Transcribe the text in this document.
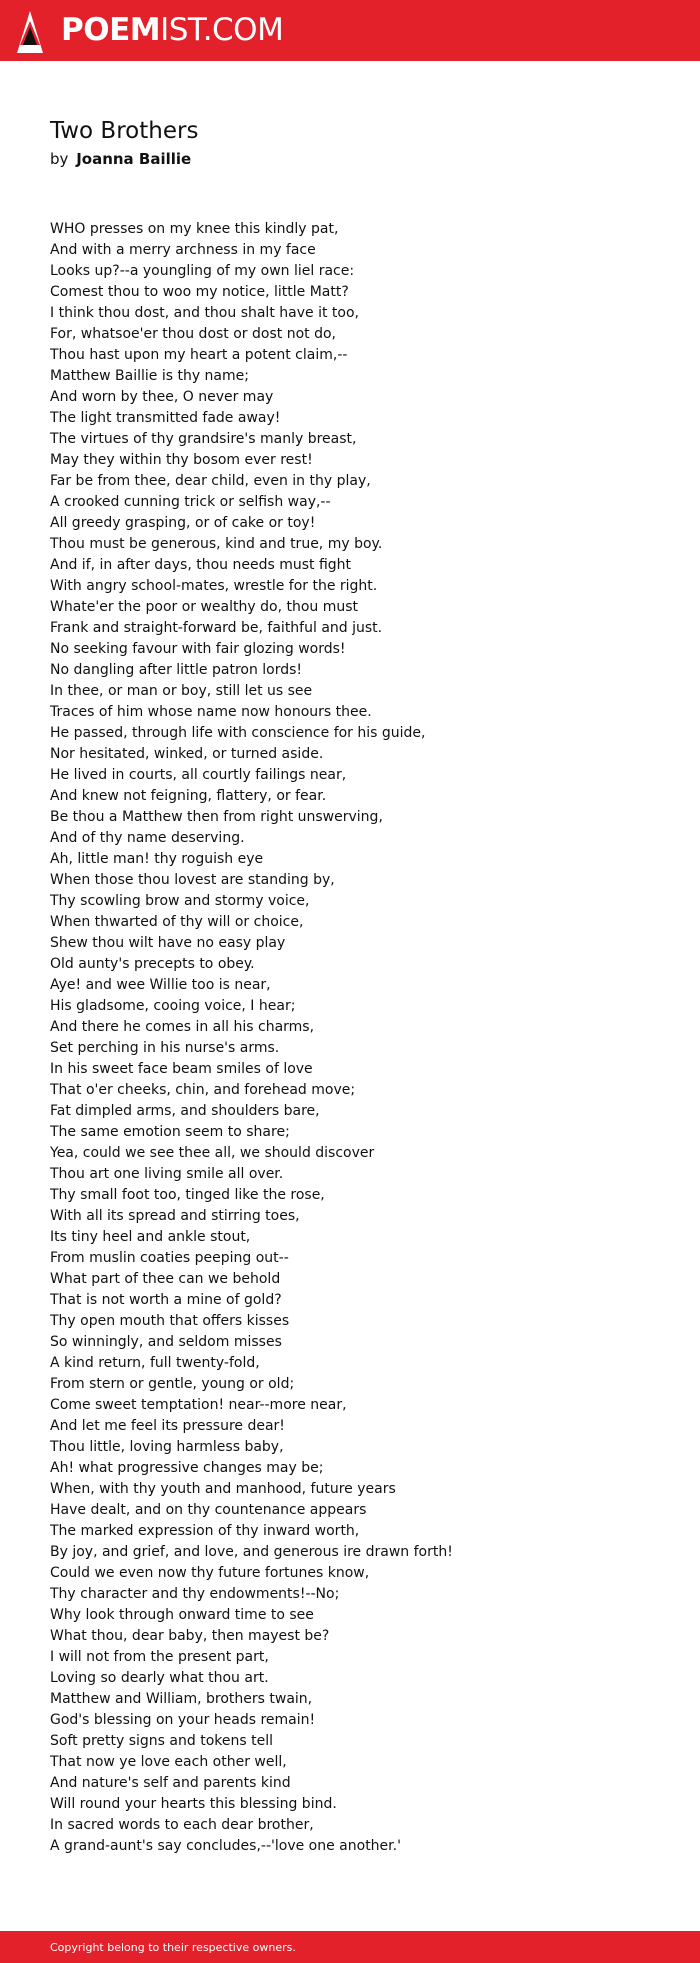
POEMIST.COM
Two Brothers
by Joanna Baillie
WHO presses on my knee this kindly pat,
And with a merry archness in my face
Looks up?--a youngling of my own liel race:
Comest thou to woo my notice, little Matt?
I think thou dost, and thou shalt have it too,
For, whatsoe'er thou dost or dost not do,
Thou hast upon my heart a potent claim,--
Matthew Baillie is thy name;
And worn by thee, O never may
The light transmitted fade away!
The virtues of thy grandsire's manly breast,
May they within thy bosom ever rest!
Far be from thee, dear child, even in thy play,
A crooked cunning trick or selfish way,--
All greedy grasping, or of cake or toy!
Thou must be generous, kind and true, my boy.
And if, in after days, thou needs must fight
With angry school-mates, wrestle for the right.
Whate'er the poor or wealthy do, thou must
Frank and straight-forward be, faithful and just.
No seeking favour with fair glozing words!
No dangling after little patron lords!
In thee, or man or boy, still let us see
Traces of him whose name now honours thee.
He passed, through life with conscience for his guide,
Nor hesitated, winked, or turned aside.
He lived in courts, all courtly failings near,
And knew not feigning, flattery, or fear.
Be thou a Matthew then from right unswerving,
And of thy name deserving.
Ah, little man! thy roguish eye
When those thou lovest are standing by,
Thy scowling brow and stormy voice,
When thwarted of thy will or choice,
Shew thou wilt have no easy play
Old aunty's precepts to obey.
Aye! and wee Willie too is near,
His gladsome, cooing voice, I hear;
And there he comes in all his charms,
Set perching in his nurse's arms.
In his sweet face beam smiles of love
That o'er cheeks, chin, and forehead move;
Fat dimpled arms, and shoulders bare,
The same emotion seem to share;
Yea, could we see thee all, we should discover
Thou art one living smile all over.
Thy small foot too, tinged like the rose,
With all its spread and stirring toes,
Its tiny heel and ankle stout,
From muslin coaties peeping out--
What part of thee can we behold
That is not worth a mine of gold?
Thy open mouth that offers kisses
So winningly, and seldom misses
A kind return, full twenty-fold,
From stern or gentle, young or old;
Come sweet temptation! near--more near,
And let me feel its pressure dear!
Thou little, loving harmless baby,
Ah! what progressive changes may be;
When, with thy youth and manhood, future years
Have dealt, and on thy countenance appears
The marked expression of thy inward worth,
By joy, and grief, and love, and generous ire drawn forth!
Could we even now thy future fortunes know,
Thy character and thy endowments!--No;
Why look through onward time to see
What thou, dear baby, then mayest be?
I will not from the present part,
Loving so dearly what thou art.
Matthew and William, brothers twain,
God's blessing on your heads remain!
Soft pretty signs and tokens tell
That now ye love each other well,
And nature's self and parents kind
Will round your hearts this blessing bind.
In sacred words to each dear brother,
A grand-aunt's say concludes,--'love one another.'
Copyright belong to their respective owners.
